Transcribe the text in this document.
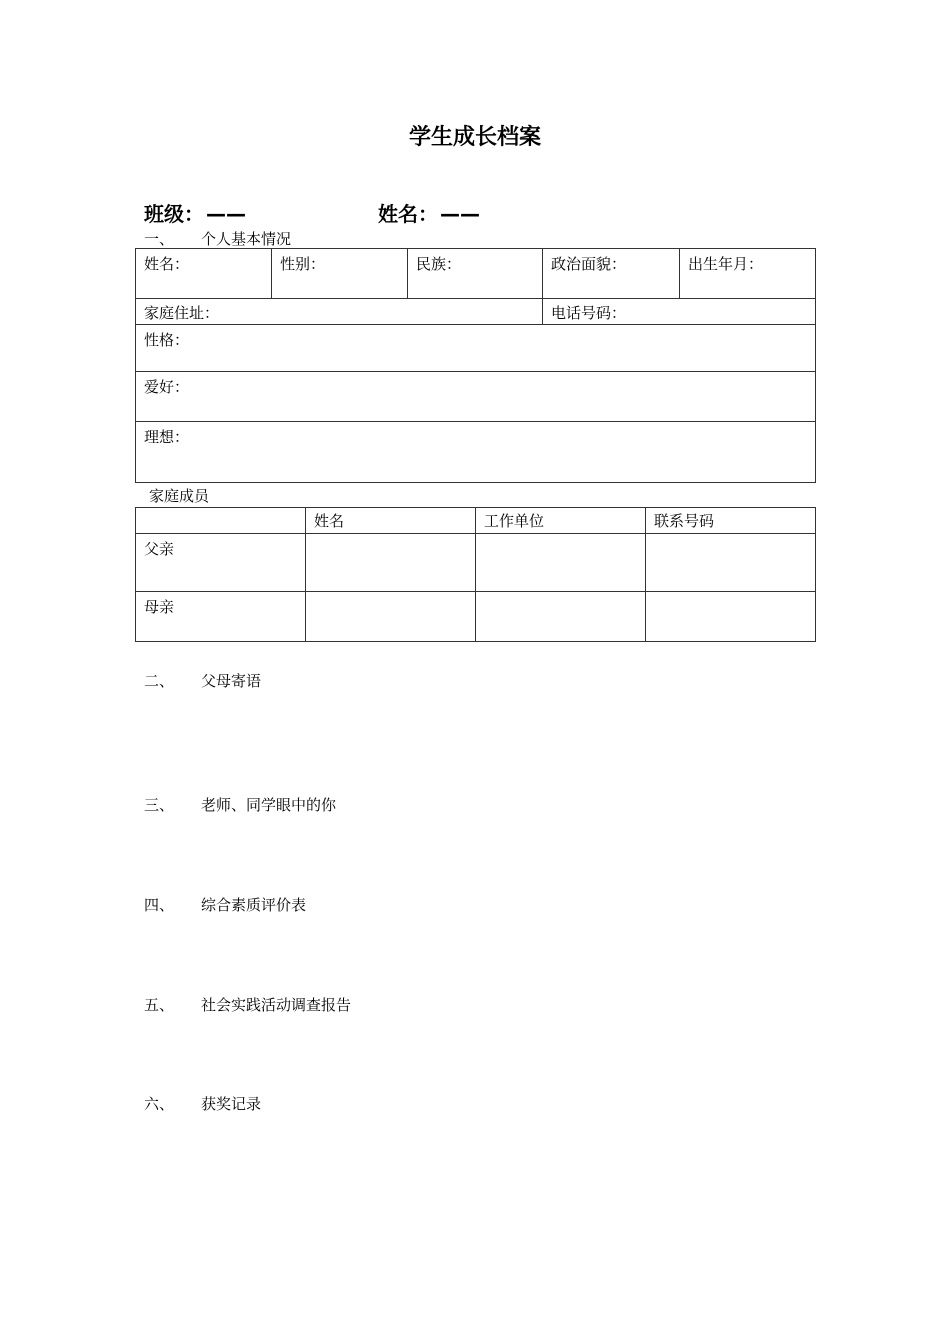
学生成长档案
班级： ——	姓名： ——
一、 个人基本情况
姓名：	性别：	民族：	政治面貌：	出生年月：
家庭住址：			电话号码：	
性格：				
爱好：				
理想：				
家庭成员
	姓名	工作单位	联系号码
父亲			
母亲			
二、 父母寄语
三、 老师、同学眼中的你
四、 综合素质评价表
五、 社会实践活动调查报告
六、 获奖记录
